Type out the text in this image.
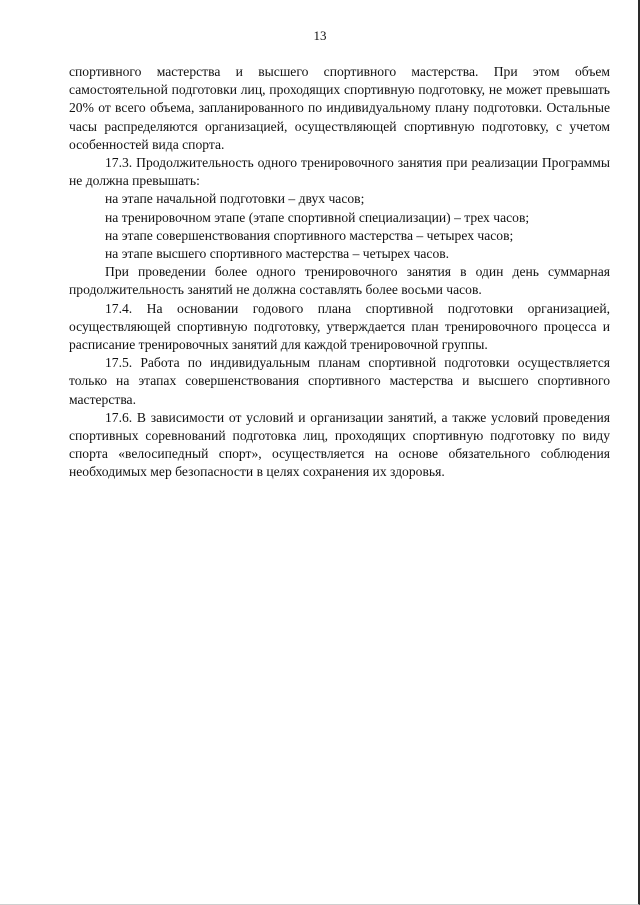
13

спортивного мастерства и высшего спортивного мастерства. При этом объем самостоятельной подготовки лиц, проходящих спортивную подготовку, не может превышать 20% от всего объема, запланированного по индивидуальному плану подготовки. Остальные часы распределяются организацией, осуществляющей спортивную подготовку, с учетом особенностей вида спорта.

17.3. Продолжительность одного тренировочного занятия при реализации Программы не должна превышать:

на этапе начальной подготовки – двух часов;

на тренировочном этапе (этапе спортивной специализации) – трех часов;

на этапе совершенствования спортивного мастерства – четырех часов;

на этапе высшего спортивного мастерства – четырех часов.

При проведении более одного тренировочного занятия в один день суммарная продолжительность занятий не должна составлять более восьми часов.

17.4. На основании годового плана спортивной подготовки организацией, осуществляющей спортивную подготовку, утверждается план тренировочного процесса и расписание тренировочных занятий для каждой тренировочной группы.

17.5. Работа по индивидуальным планам спортивной подготовки осуществляется только на этапах совершенствования спортивного мастерства и высшего спортивного мастерства.

17.6. В зависимости от условий и организации занятий, а также условий проведения спортивных соревнований подготовка лиц, проходящих спортивную подготовку по виду спорта «велосипедный спорт», осуществляется на основе обязательного соблюдения необходимых мер безопасности в целях сохранения их здоровья.
